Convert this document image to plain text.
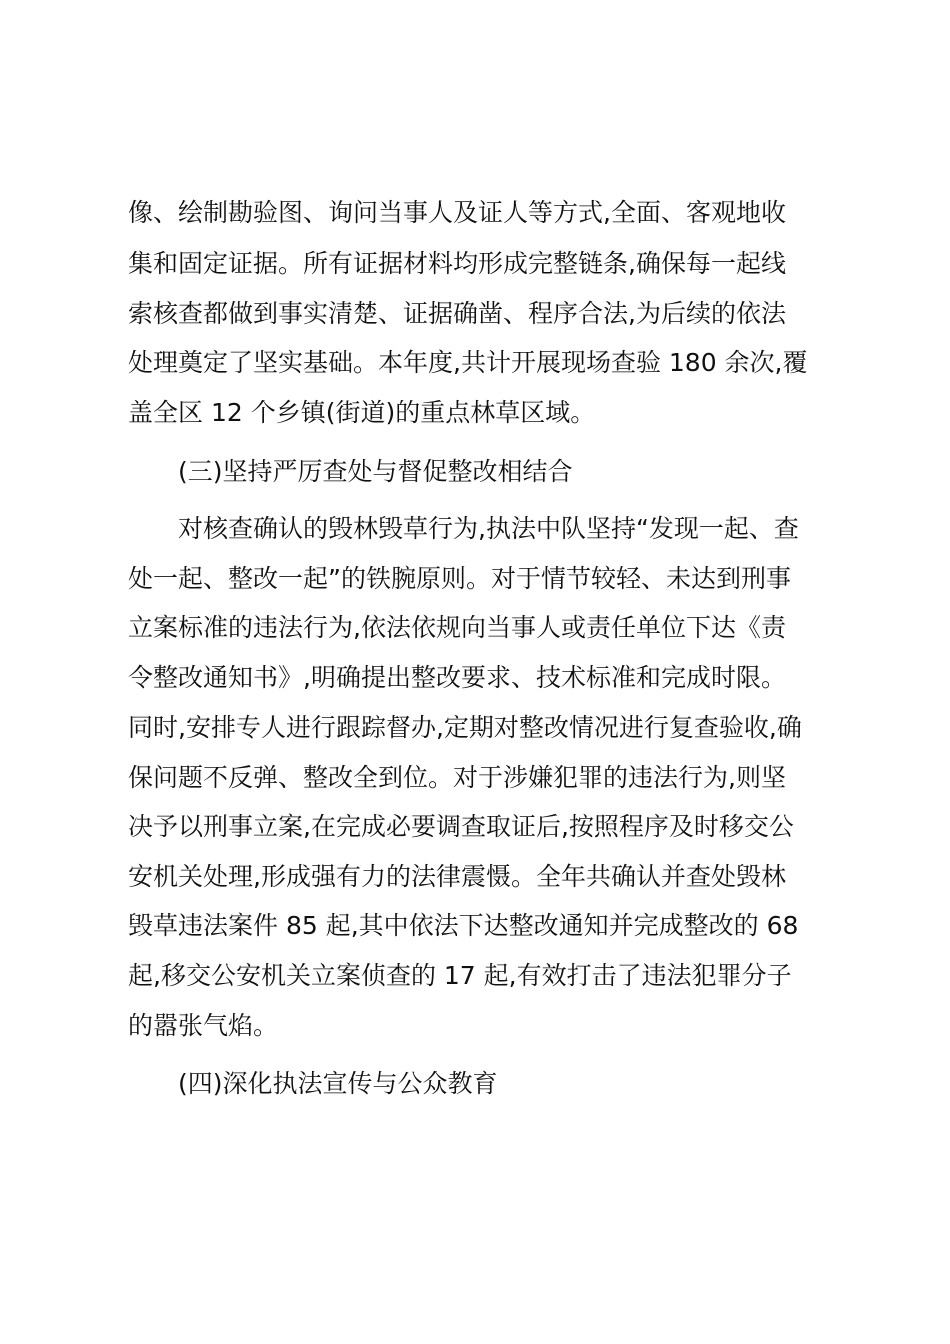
像、绘制勘验图、询问当事人及证人等方式,全面、客观地收

集和固定证据。所有证据材料均形成完整链条,确保每一起线

索核查都做到事实清楚、证据确凿、程序合法,为后续的依法

处理奠定了坚实基础。本年度,共计开展现场查验 180 余次,覆

盖全区 12 个乡镇(街道)的重点林草区域。

(三)坚持严厉查处与督促整改相结合

对核查确认的毁林毁草行为,执法中队坚持“发现一起、查

处一起、整改一起”的铁腕原则。对于情节较轻、未达到刑事

立案标准的违法行为,依法依规向当事人或责任单位下达《责

令整改通知书》,明确提出整改要求、技术标准和完成时限。

同时,安排专人进行跟踪督办,定期对整改情况进行复查验收,确

保问题不反弹、整改全到位。对于涉嫌犯罪的违法行为,则坚

决予以刑事立案,在完成必要调查取证后,按照程序及时移交公

安机关处理,形成强有力的法律震慑。全年共确认并查处毁林

毁草违法案件 85 起,其中依法下达整改通知并完成整改的 68

起,移交公安机关立案侦查的 17 起,有效打击了违法犯罪分子

的嚣张气焰。

(四)深化执法宣传与公众教育
